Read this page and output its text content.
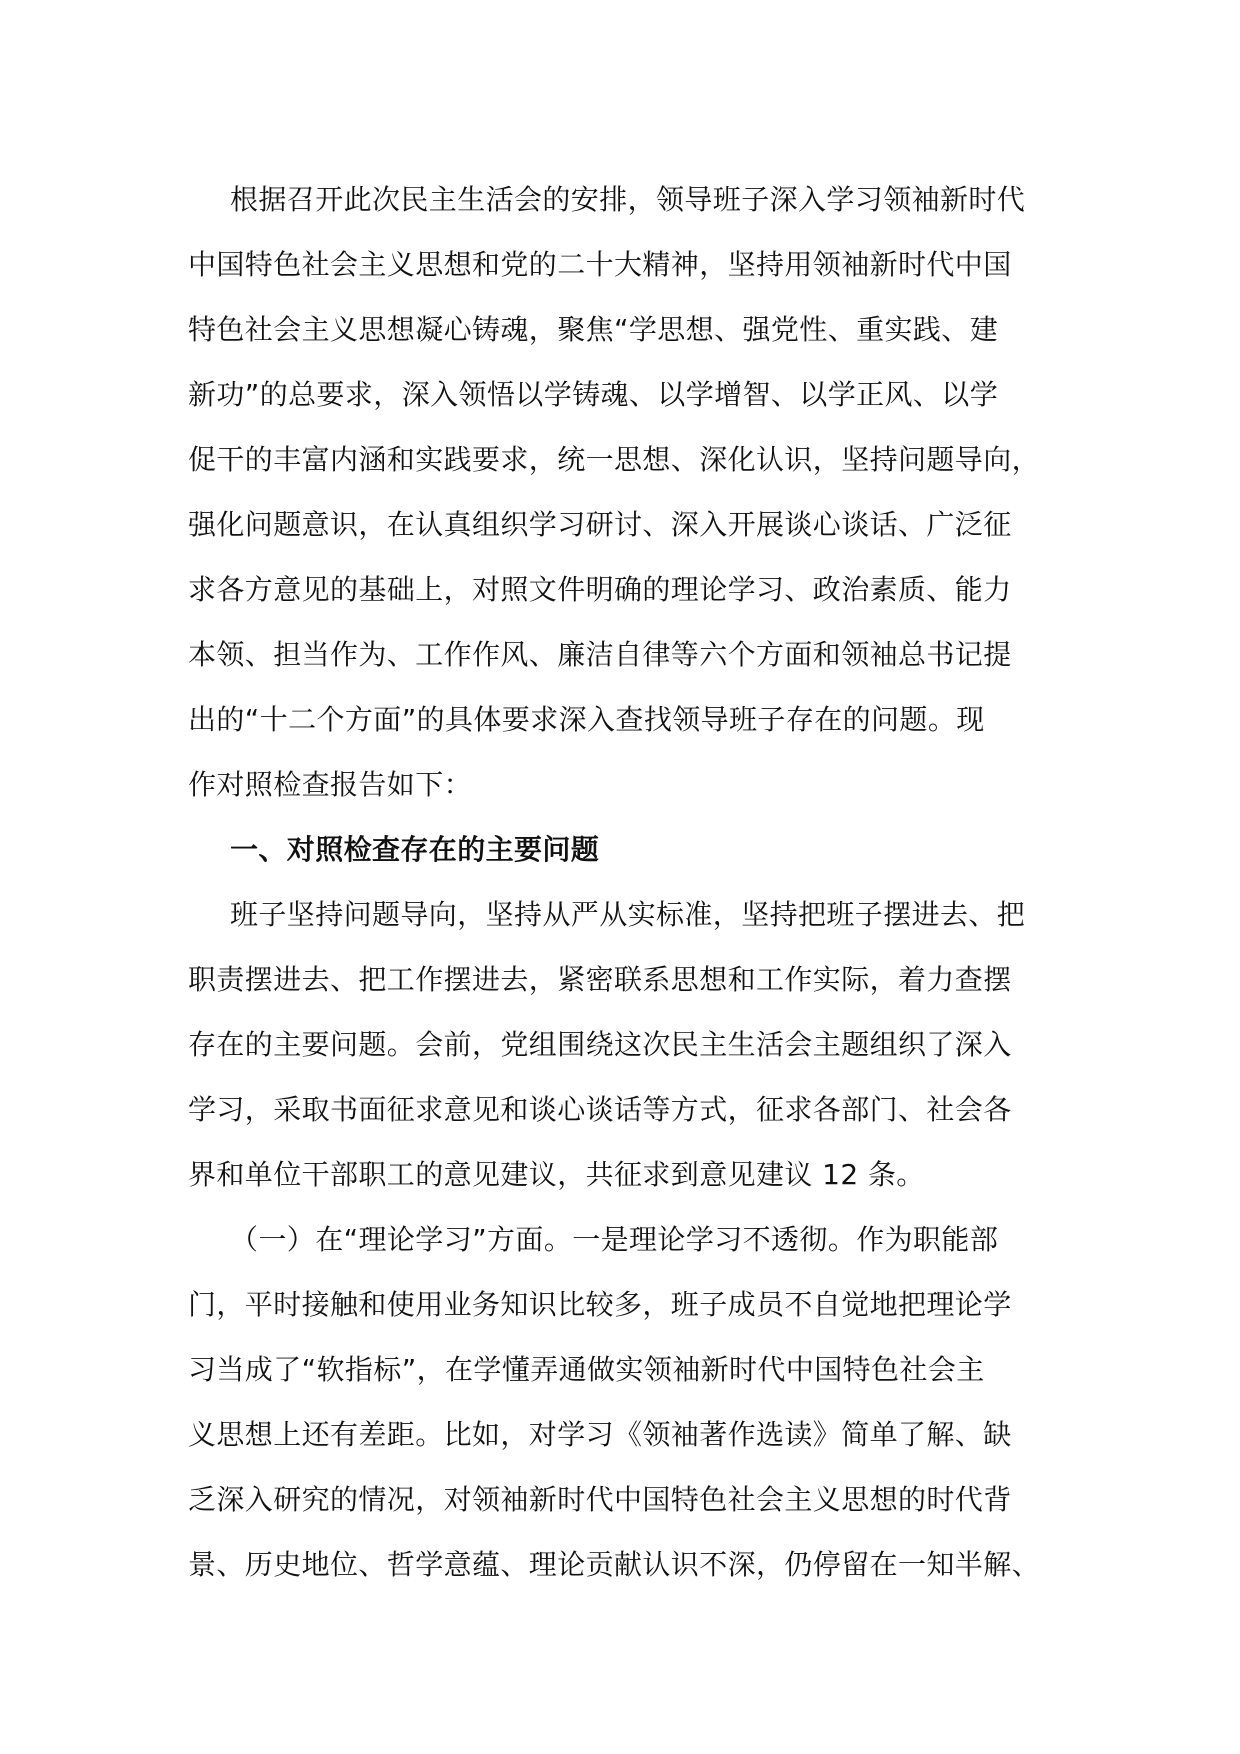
根据召开此次民主生活会的安排，领导班子深入学习领袖新时代
中国特色社会主义思想和党的二十大精神，坚持用领袖新时代中国
特色社会主义思想凝心铸魂，聚焦“学思想、强党性、重实践、建
新功”的总要求，深入领悟以学铸魂、以学增智、以学正风、以学
促干的丰富内涵和实践要求，统一思想、深化认识，坚持问题导向，
强化问题意识，在认真组织学习研讨、深入开展谈心谈话、广泛征
求各方意见的基础上，对照文件明确的理论学习、政治素质、能力
本领、担当作为、工作作风、廉洁自律等六个方面和领袖总书记提
出的“十二个方面”的具体要求深入查找领导班子存在的问题。现
作对照检查报告如下：

一、对照检查存在的主要问题

班子坚持问题导向，坚持从严从实标准，坚持把班子摆进去、把
职责摆进去、把工作摆进去，紧密联系思想和工作实际，着力查摆
存在的主要问题。会前，党组围绕这次民主生活会主题组织了深入
学习，采取书面征求意见和谈心谈话等方式，征求各部门、社会各
界和单位干部职工的意见建议，共征求到意见建议 12 条。

（一）在“理论学习”方面。一是理论学习不透彻。作为职能部
门，平时接触和使用业务知识比较多，班子成员不自觉地把理论学
习当成了“软指标”，在学懂弄通做实领袖新时代中国特色社会主
义思想上还有差距。比如，对学习《领袖著作选读》简单了解、缺
乏深入研究的情况，对领袖新时代中国特色社会主义思想的时代背
景、历史地位、哲学意蕴、理论贡献认识不深，仍停留在一知半解、
